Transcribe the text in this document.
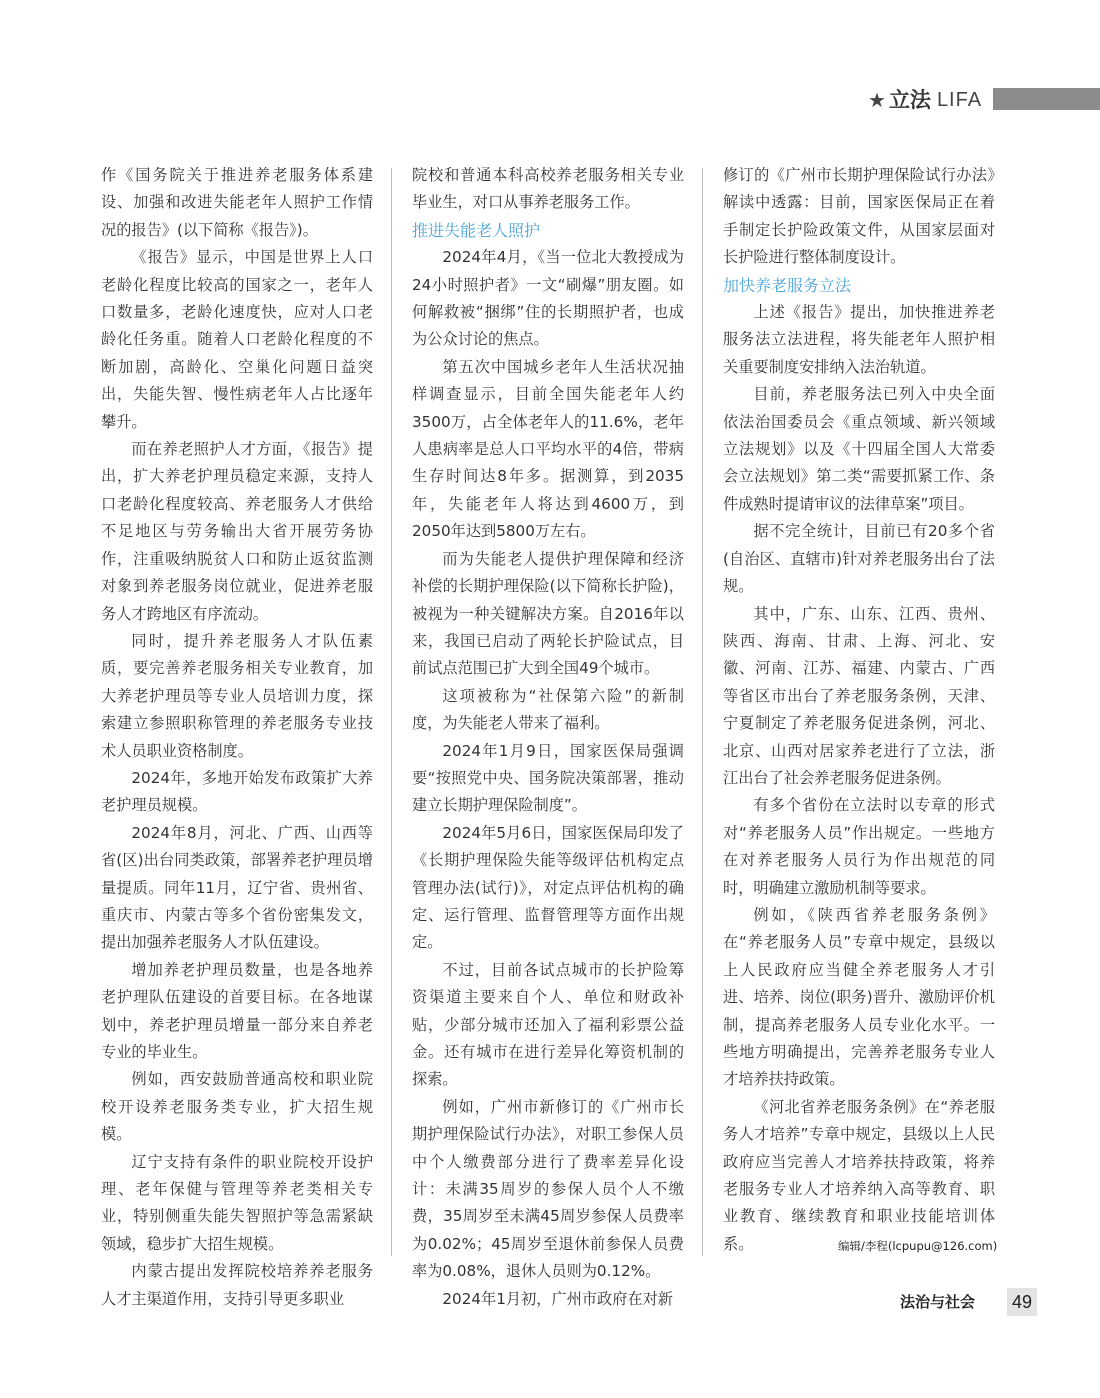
★ 立法 LIFA

作《国务院关于推进养老服务体系建设、加强和改进失能老年人照护工作情况的报告》(以下简称《报告》)。

《报告》显示，中国是世界上人口老龄化程度比较高的国家之一，老年人口数量多，老龄化速度快，应对人口老龄化任务重。随着人口老龄化程度的不断加剧，高龄化、空巢化问题日益突出，失能失智、慢性病老年人占比逐年攀升。

而在养老照护人才方面，《报告》提出，扩大养老护理员稳定来源，支持人口老龄化程度较高、养老服务人才供给不足地区与劳务输出大省开展劳务协作，注重吸纳脱贫人口和防止返贫监测对象到养老服务岗位就业，促进养老服务人才跨地区有序流动。

同时，提升养老服务人才队伍素质，要完善养老服务相关专业教育，加大养老护理员等专业人员培训力度，探索建立参照职称管理的养老服务专业技术人员职业资格制度。

2024年，多地开始发布政策扩大养老护理员规模。

2024年8月，河北、广西、山西等省(区)出台同类政策，部署养老护理员增量提质。同年11月，辽宁省、贵州省、重庆市、内蒙古等多个省份密集发文，提出加强养老服务人才队伍建设。

增加养老护理员数量，也是各地养老护理队伍建设的首要目标。在各地谋划中，养老护理员增量一部分来自养老专业的毕业生。

例如，西安鼓励普通高校和职业院校开设养老服务类专业，扩大招生规模。

辽宁支持有条件的职业院校开设护理、老年保健与管理等养老类相关专业，特别侧重失能失智照护等急需紧缺领域，稳步扩大招生规模。

内蒙古提出发挥院校培养养老服务人才主渠道作用，支持引导更多职业

院校和普通本科高校养老服务相关专业毕业生，对口从事养老服务工作。

推进失能老人照护

2024年4月，《当一位北大教授成为24小时照护者》一文“刷爆”朋友圈。如何解救被“捆绑”住的长期照护者，也成为公众讨论的焦点。

第五次中国城乡老年人生活状况抽样调查显示，目前全国失能老年人约3500万，占全体老年人的11.6%，老年人患病率是总人口平均水平的4倍，带病生存时间达8年多。据测算，到2035年，失能老年人将达到4600万，到2050年达到5800万左右。

而为失能老人提供护理保障和经济补偿的长期护理保险(以下简称长护险)，被视为一种关键解决方案。自2016年以来，我国已启动了两轮长护险试点，目前试点范围已扩大到全国49个城市。

这项被称为“社保第六险”的新制度，为失能老人带来了福利。

2024年1月9日，国家医保局强调要“按照党中央、国务院决策部署，推动建立长期护理保险制度”。

2024年5月6日，国家医保局印发了《长期护理保险失能等级评估机构定点管理办法(试行)》，对定点评估机构的确定、运行管理、监督管理等方面作出规定。

不过，目前各试点城市的长护险筹资渠道主要来自个人、单位和财政补贴，少部分城市还加入了福利彩票公益金。还有城市在进行差异化筹资机制的探索。

例如，广州市新修订的《广州市长期护理保险试行办法》，对职工参保人员中个人缴费部分进行了费率差异化设计：未满35周岁的参保人员个人不缴费，35周岁至未满45周岁参保人员费率为0.02%；45周岁至退休前参保人员费率为0.08%，退休人员则为0.12%。

2024年1月初，广州市政府在对新

修订的《广州市长期护理保险试行办法》解读中透露：目前，国家医保局正在着手制定长护险政策文件，从国家层面对长护险进行整体制度设计。

加快养老服务立法

上述《报告》提出，加快推进养老服务法立法进程，将失能老年人照护相关重要制度安排纳入法治轨道。

目前，养老服务法已列入中央全面依法治国委员会《重点领域、新兴领域立法规划》以及《十四届全国人大常委会立法规划》第二类“需要抓紧工作、条件成熟时提请审议的法律草案”项目。

据不完全统计，目前已有20多个省(自治区、直辖市)针对养老服务出台了法规。

其中，广东、山东、江西、贵州、陕西、海南、甘肃、上海、河北、安徽、河南、江苏、福建、内蒙古、广西等省区市出台了养老服务条例，天津、宁夏制定了养老服务促进条例，河北、北京、山西对居家养老进行了立法，浙江出台了社会养老服务促进条例。

有多个省份在立法时以专章的形式对“养老服务人员”作出规定。一些地方在对养老服务人员行为作出规范的同时，明确建立激励机制等要求。

例如，《陕西省养老服务条例》在“养老服务人员”专章中规定，县级以上人民政府应当健全养老服务人才引进、培养、岗位(职务)晋升、激励评价机制，提高养老服务人员专业化水平。一些地方明确提出，完善养老服务专业人才培养扶持政策。

《河北省养老服务条例》在“养老服务人才培养”专章中规定，县级以上人民政府应当完善人才培养扶持政策，将养老服务专业人才培养纳入高等教育、职业教育、继续教育和职业技能培训体系。	编辑/李程(lcpupu@126.com)
法治与社会 49
